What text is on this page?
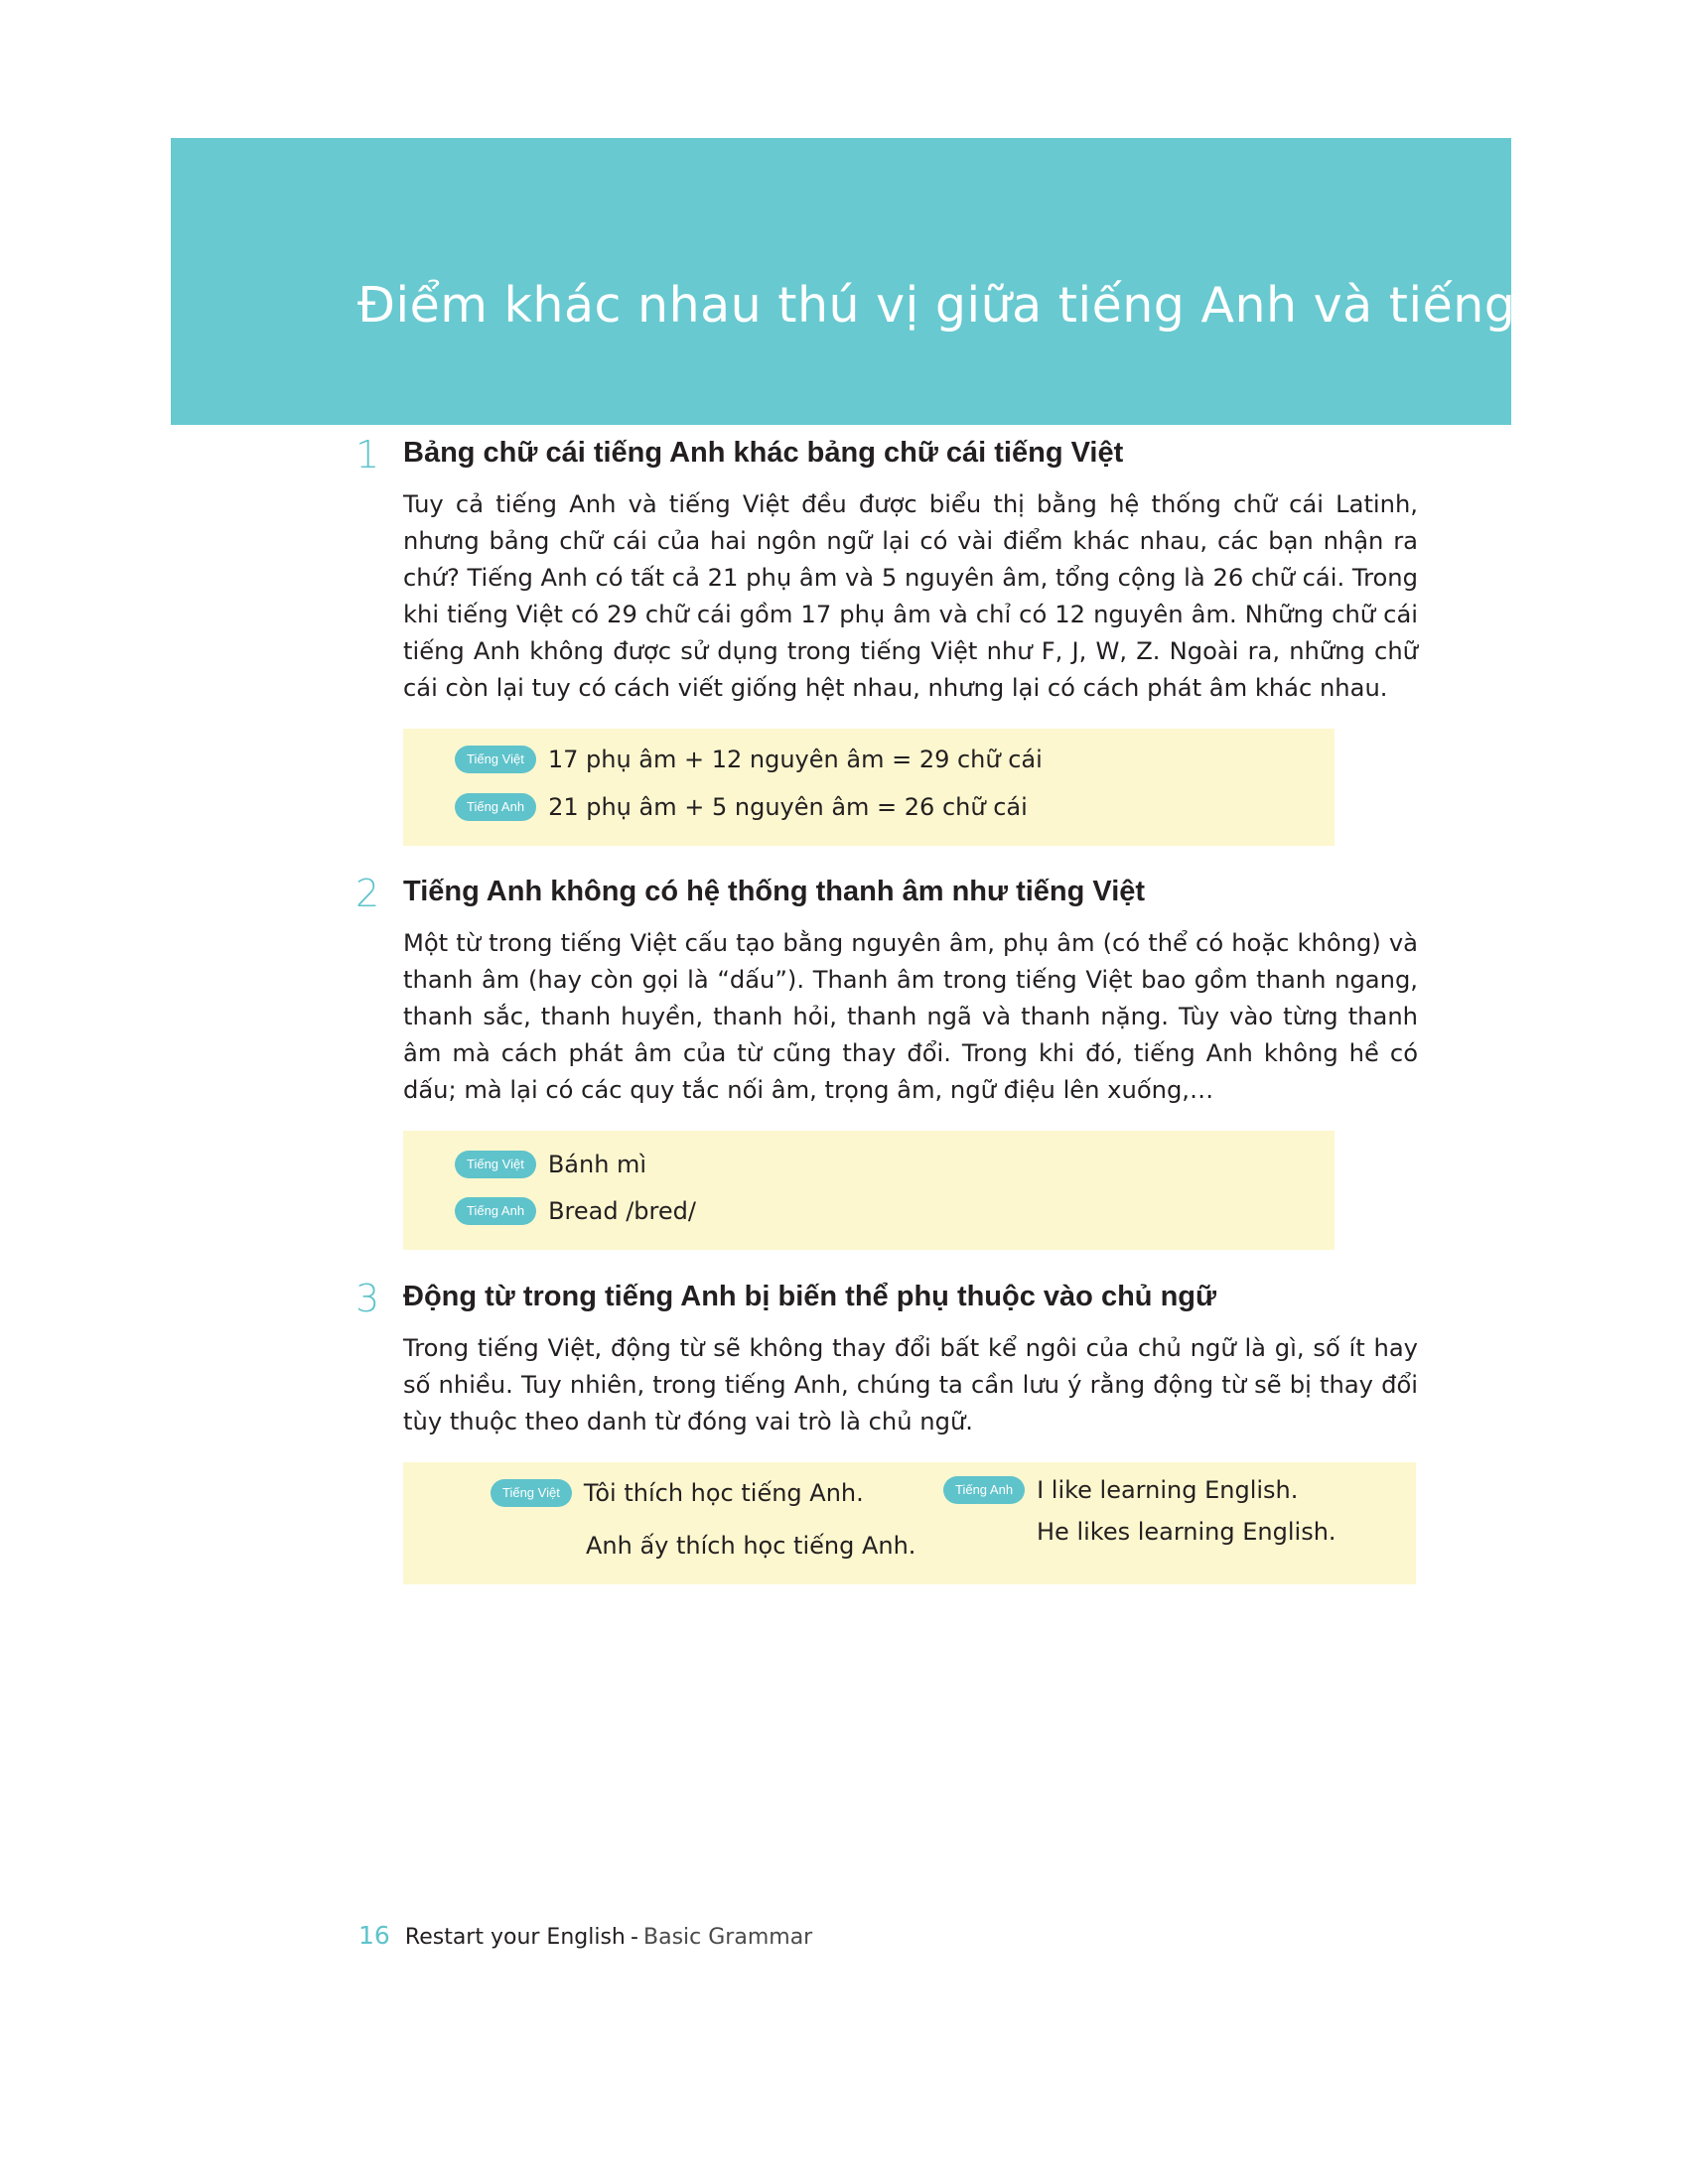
Điểm khác nhau thú vị giữa tiếng Anh và tiếng Việt
1 Bảng chữ cái tiếng Anh khác bảng chữ cái tiếng Việt

Tuy cả tiếng Anh và tiếng Việt đều được biểu thị bằng hệ thống chữ cái Latinh, nhưng bảng chữ cái của hai ngôn ngữ lại có vài điểm khác nhau, các bạn nhận ra chứ? Tiếng Anh có tất cả 21 phụ âm và 5 nguyên âm, tổng cộng là 26 chữ cái. Trong khi tiếng Việt có 29 chữ cái gồm 17 phụ âm và chỉ có 12 nguyên âm. Những chữ cái tiếng Anh không được sử dụng trong tiếng Việt như F, J, W, Z. Ngoài ra, những chữ cái còn lại tuy có cách viết giống hệt nhau, nhưng lại có cách phát âm khác nhau.

Tiếng Việt 17 phụ âm + 12 nguyên âm = 29 chữ cái
Tiếng Anh 21 phụ âm + 5 nguyên âm = 26 chữ cái
2 Tiếng Anh không có hệ thống thanh âm như tiếng Việt

Một từ trong tiếng Việt cấu tạo bằng nguyên âm, phụ âm (có thể có hoặc không) và thanh âm (hay còn gọi là “dấu”). Thanh âm trong tiếng Việt bao gồm thanh ngang, thanh sắc, thanh huyền, thanh hỏi, thanh ngã và thanh nặng. Tùy vào từng thanh âm mà cách phát âm của từ cũng thay đổi. Trong khi đó, tiếng Anh không hề có dấu; mà lại có các quy tắc nối âm, trọng âm, ngữ điệu lên xuống,…

Tiếng Việt Bánh mì
Tiếng Anh Bread /bred/
3 Động từ trong tiếng Anh bị biến thể phụ thuộc vào chủ ngữ

Trong tiếng Việt, động từ sẽ không thay đổi bất kể ngôi của chủ ngữ là gì, số ít hay số nhiều. Tuy nhiên, trong tiếng Anh, chúng ta cần lưu ý rằng động từ sẽ bị thay đổi tùy thuộc theo danh từ đóng vai trò là chủ ngữ.

Tiếng Việt Tôi thích học tiếng Anh.
Anh ấy thích học tiếng Anh.
Tiếng Anh I like learning English.
He likes learning English.
16 Restart your English - Basic Grammar
